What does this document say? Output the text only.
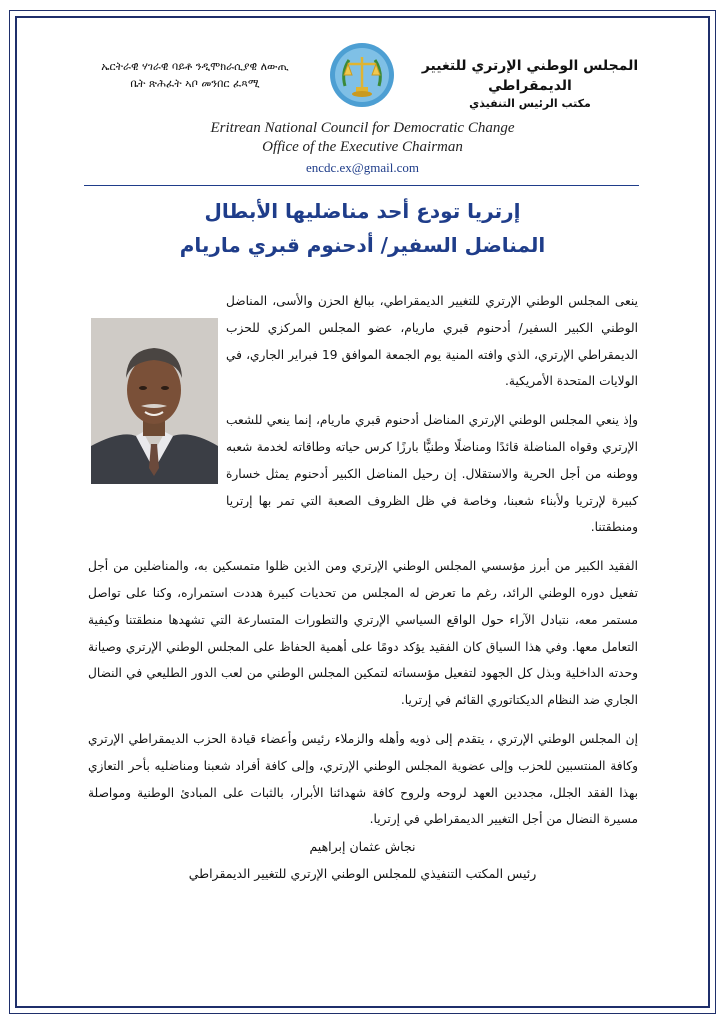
ኤርትራዊ ሃገራዊ ባይቶ ንዲሞክራሲያዊ ለውጢ
ቤት ጽሕፈት ኣቦ መንበር ፈጻሚ
المجلس الوطني الإرتري للتغيير الديمقراطي
مكتب الرئيس التنفيذي
Eritrean National Council for Democratic Change
Office of the Executive Chairman
encdc.ex@gmail.com
إرتريا تودع أحد مناضليها الأبطال
المناضل السفير/ أدحنوم قبري ماريام

ينعى المجلس الوطني الإرتري للتغيير الديمقراطي، ببالغ الحزن والأسى، المناضل الوطني الكبير السفير/ أدحنوم قبري ماريام، عضو المجلس المركزي للحزب الديمقراطي الإرتري، الذي وافته المنية يوم الجمعة الموافق 19 فبراير الجاري، في الولايات المتحدة الأمريكية.

وإذ ينعي المجلس الوطني الإرتري المناضل أدحنوم قبري ماريام، إنما ينعي للشعب الإرتري وقواه المناضلة قائدًا ومناضلًا وطنيًّا بارزًا كرس حياته وطاقاته لخدمة شعبه ووطنه من أجل الحرية والاستقلال. إن رحيل المناضل الكبير أدحنوم يمثل خسارة كبيرة لإرتريا ولأبناء شعبنا، وخاصة في ظل الظروف الصعبة التي تمر بها إرتريا ومنطقتنا.

الفقيد الكبير من أبرز مؤسسي المجلس الوطني الإرتري ومن الذين ظلوا متمسكين به، والمناضلين من أجل تفعيل دوره الوطني الرائد، رغم ما تعرض له المجلس من تحديات كبيرة هددت استمراره، وكنا على تواصل مستمر معه، نتبادل الآراء حول الواقع السياسي الإرتري والتطورات المتسارعة التي تشهدها منطقتنا وكيفية التعامل معها. وفي هذا السياق كان الفقيد يؤكد دومًا على أهمية الحفاظ على المجلس الوطني الإرتري وصيانة وحدته الداخلية وبذل كل الجهود لتفعيل مؤسساته لتمكين المجلس الوطني من لعب الدور الطليعي في النضال الجاري ضد النظام الديكتاتوري القائم في إرتريا.

إن المجلس الوطني الإرتري ، يتقدم إلى ذويه وأهله والزملاء رئيس وأعضاء قيادة الحزب الديمقراطي الإرتري وكافة المنتسبين للحزب وإلى عضوية المجلس الوطني الإرتري، وإلى كافة أفراد شعبنا ومناضليه بأحر التعازي بهذا الفقد الجلل، مجددين العهد لروحه ولروح كافة شهدائنا الأبرار، بالثبات على المبادئ الوطنية ومواصلة مسيرة النضال من أجل التغيير الديمقراطي في إرتريا.

نجاش عثمان إبراهيم
رئيس المكتب التنفيذي للمجلس الوطني الإرتري للتغيير الديمقراطي
